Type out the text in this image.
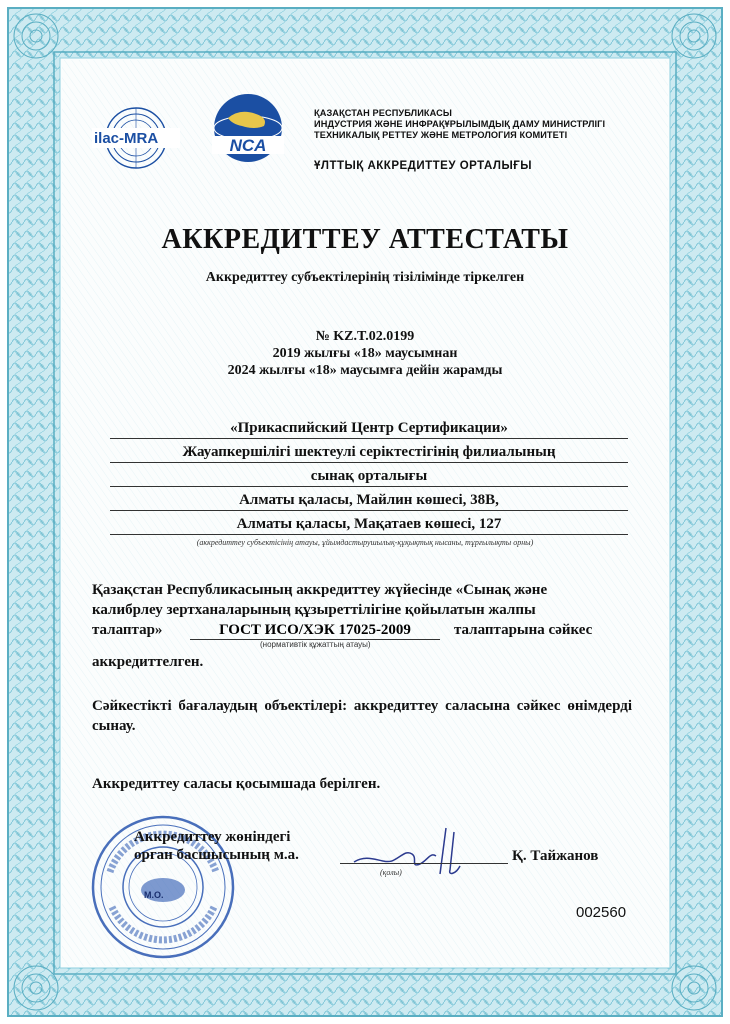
ilac-MRA	NCA
ҚАЗАҚСТАН РЕСПУБЛИКАСЫ
ИНДУСТРИЯ ЖӘНЕ ИНФРАҚҰРЫЛЫМДЫҚ ДАМУ МИНИСТРЛІГІ
ТЕХНИКАЛЫҚ РЕТТЕУ ЖӘНЕ МЕТРОЛОГИЯ КОМИТЕТІ
ҰЛТТЫҚ АККРЕДИТТЕУ ОРТАЛЫҒЫ
АККРЕДИТТЕУ АТТЕСТАТЫ
Аккредиттеу субъектілерінің тізілімінде тіркелген
№ KZ.T.02.0199
2019 жылғы «18» маусымнан
2024 жылғы «18» маусымға дейін жарамды
«Прикаспийский Центр Сертификации»
Жауапкершілігі шектеулі серіктестігінің филиалының
сынақ орталығы
Алматы қаласы, Майлин көшесі, 38В,
Алматы қаласы, Мақатаев көшесі, 127
(аккредиттеу субъектісінің атауы, ұйымдастырушылық-құқықтық нысаны, тұрғылықты орны)
Қазақстан Республикасының аккредиттеу жүйесінде «Сынақ және
калибрлеу зертханаларының құзыреттілігіне қойылатын жалпы
талаптар»	ГОСТ ИСО/ХЭК 17025-2009	талаптарына сәйкес
(нормативтік құжаттың атауы)
аккредиттелген.
Сәйкестікті бағалаудың объектілері: аккредиттеу саласына сәйкес өнімдерді сынау.
Аккредиттеу саласы қосымшада берілген.
М.О.
Аккредиттеу жөніндегі
орган басшысының м.а.
(қолы)
Қ. Тайжанов
002560
